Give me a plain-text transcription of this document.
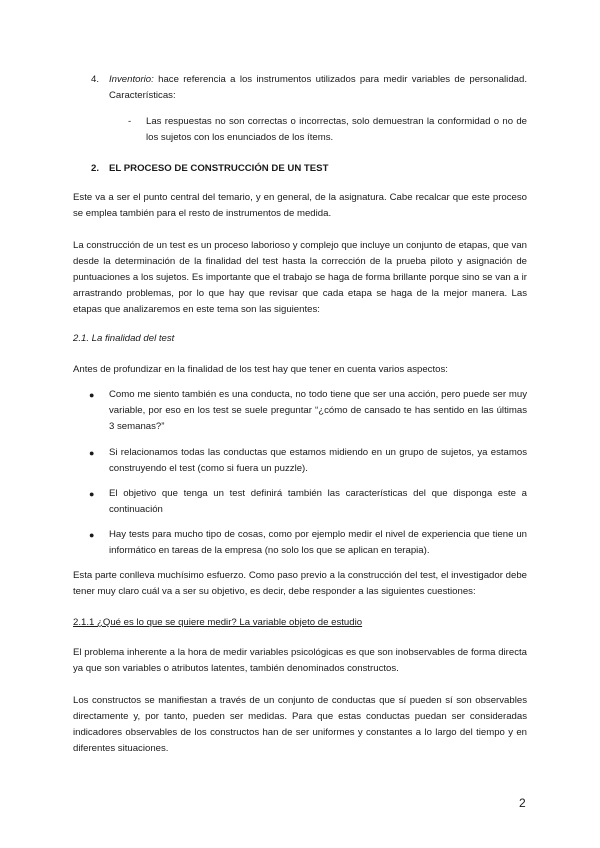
4. Inventorio: hace referencia a los instrumentos utilizados para medir variables de personalidad. Características:
- Las respuestas no son correctas o incorrectas, solo demuestran la conformidad o no de los sujetos con los enunciados de los ítems.
2. EL PROCESO DE CONSTRUCCIÓN DE UN TEST

Este va a ser el punto central del temario, y en general, de la asignatura. Cabe recalcar que este proceso se emplea también para el resto de instrumentos de medida.

La construcción de un test es un proceso laborioso y complejo que incluye un conjunto de etapas, que van desde la determinación de la finalidad del test hasta la corrección de la prueba piloto y asignación de puntuaciones a los sujetos. Es importante que el trabajo se haga de forma brillante porque sino se van a ir arrastrando problemas, por lo que hay que revisar que cada etapa se haga de la mejor manera. Las etapas que analizaremos en este tema son las siguientes:

2.1. La finalidad del test

Antes de profundizar en la finalidad de los test hay que tener en cuenta varios aspectos:

● Como me siento también es una conducta, no todo tiene que ser una acción, pero puede ser muy variable, por eso en los test se suele preguntar “¿cómo de cansado te has sentido en las últimas 3 semanas?”
● Si relacionamos todas las conductas que estamos midiendo en un grupo de sujetos, ya estamos construyendo el test (como si fuera un puzzle).
● El objetivo que tenga un test definirá también las características del que disponga este a continuación
● Hay tests para mucho tipo de cosas, como por ejemplo medir el nivel de experiencia que tiene un informático en tareas de la empresa (no solo los que se aplican en terapia).

Esta parte conlleva muchísimo esfuerzo. Como paso previo a la construcción del test, el investigador debe tener muy claro cuál va a ser su objetivo, es decir, debe responder a las siguientes cuestiones:

2.1.1 ¿Qué es lo que se quiere medir? La variable objeto de estudio

El problema inherente a la hora de medir variables psicológicas es que son inobservables de forma directa ya que son variables o atributos latentes, también denominados constructos.

Los constructos se manifiestan a través de un conjunto de conductas que sí pueden sí son observables directamente y, por tanto, pueden ser medidas. Para que estas conductas puedan ser consideradas indicadores observables de los constructos han de ser uniformes y constantes a lo largo del tiempo y en diferentes situaciones.

2
